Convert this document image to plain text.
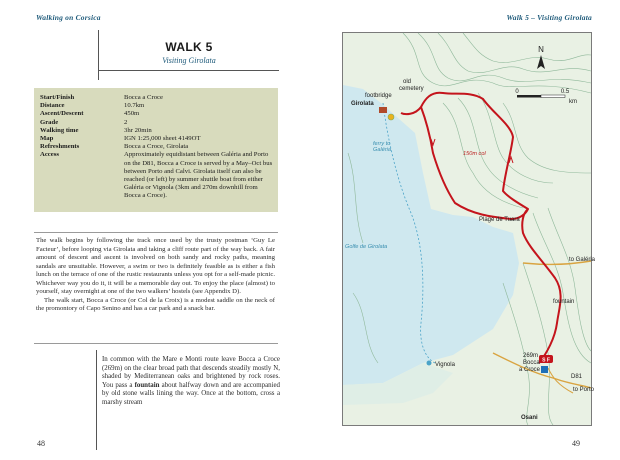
Walking on Corsica
WALK 5
Visiting Girolata
Start/Finish	Bocca a Croce
Distance	10.7km
Ascent/Descent	450m
Grade	2
Walking time	3hr 20min
Map	IGN 1:25,000 sheet 4149OT
Refreshments	Bocca a Croce, Girolata
Access	Approximately equidistant between Galéria and Porto on the D81, Bocca a Croce is served by a May–Oct bus between Porto and Calvi. Girolata itself can also be reached (or left) by summer shuttle boat from either Galéria or Vignola (3km and 270m downhill from Bocca a Croce).

The walk begins by following the track once used by the trusty postman ‘Guy Le Facteur’, before looping via Girolata and taking a cliff route part of the way back. A fair amount of descent and ascent is involved on both sandy and rocky paths, meaning sandals are unsuitable. However, a swim or two is definitely feasible as is either a fish lunch on the terrace of one of the rustic restaurants unless you opt for a self-made picnic. Whichever way you do it, it will be a memorable day out. To enjoy the place (almost) to yourself, stay overnight at one of the two walkers’ hostels (see Appendix D).

The walk start, Bocca a Croce (or Col de la Croix) is a modest saddle on the neck of the promontory of Capo Senino and has a car park and a snack bar.

In common with the Mare e Monti route leave Bocca a Croce (269m) on the clear broad path that descends steadily mostly N, shaded by Mediterranean oaks and brightened by rock roses. You pass a fountain about halfway down and are accompanied by old stone walls lining the way. Once at the bottom, cross a marshy stream

48
Walk 5 – Visiting Girolata
S F
N
0	0.5
km
old
cemetery
footbridge
Girolata
ferry to
Galéria
150m col
Plage de Tuara
Golfe de Girolata
to Galéria
fountain
Vignola
269m
Bocca
a Croce
D81
to Porto
Osani
49
